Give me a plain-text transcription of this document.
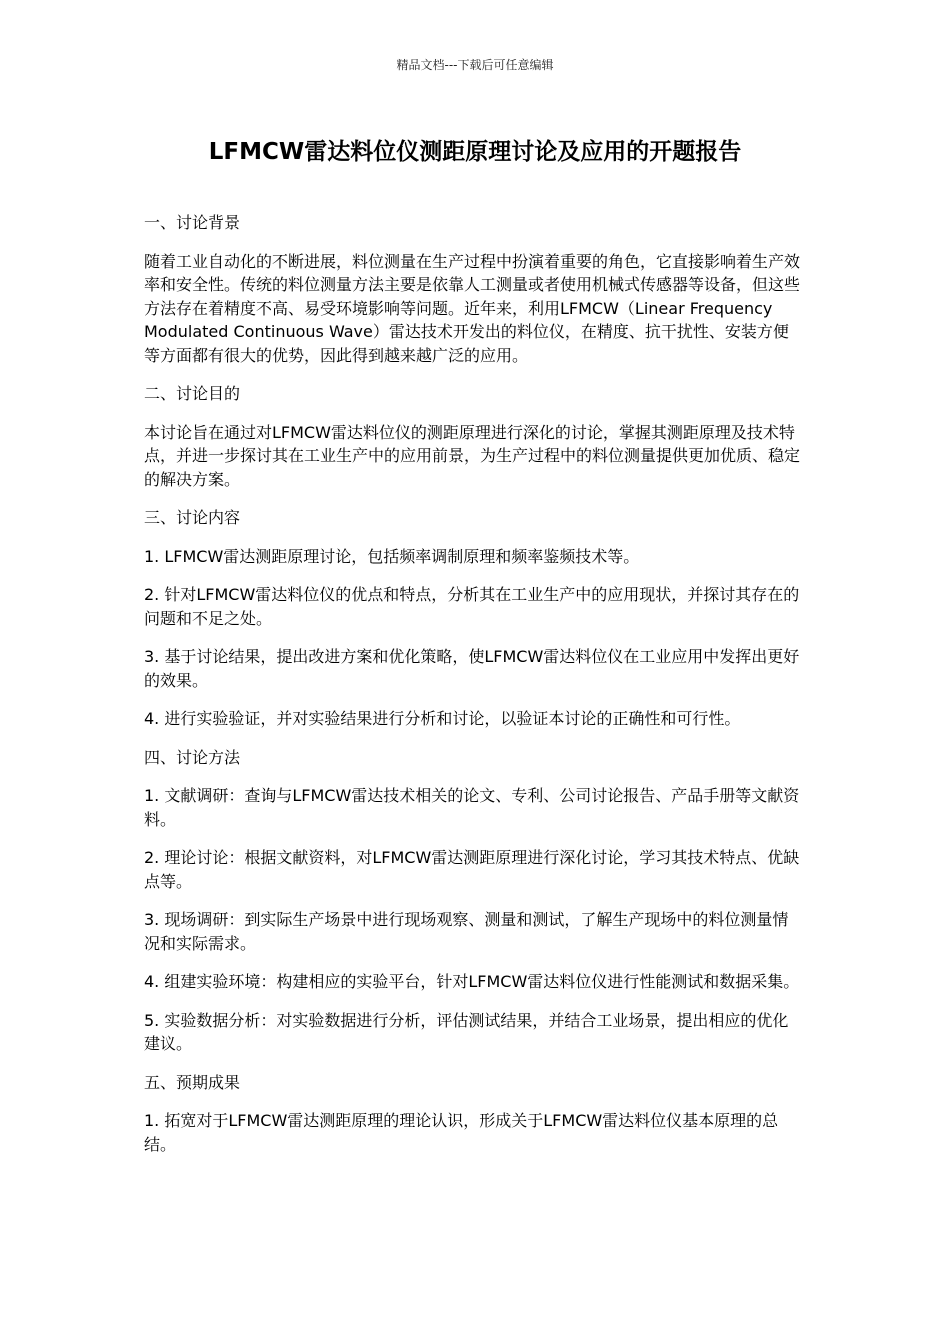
精品文档---下载后可任意编辑
LFMCW雷达料位仪测距原理讨论及应用的开题报告

一、讨论背景

随着工业自动化的不断进展，料位测量在生产过程中扮演着重要的角色，它直接影响着生产效率和安全性。传统的料位测量方法主要是依靠人工测量或者使用机械式传感器等设备，但这些方法存在着精度不高、易受环境影响等问题。近年来，利用LFMCW（Linear Frequency Modulated Continuous Wave）雷达技术开发出的料位仪，在精度、抗干扰性、安装方便等方面都有很大的优势，因此得到越来越广泛的应用。

二、讨论目的

本讨论旨在通过对LFMCW雷达料位仪的测距原理进行深化的讨论，掌握其测距原理及技术特点，并进一步探讨其在工业生产中的应用前景，为生产过程中的料位测量提供更加优质、稳定的解决方案。

三、讨论内容

1. LFMCW雷达测距原理讨论，包括频率调制原理和频率鉴频技术等。

2. 针对LFMCW雷达料位仪的优点和特点，分析其在工业生产中的应用现状，并探讨其存在的问题和不足之处。

3. 基于讨论结果，提出改进方案和优化策略，使LFMCW雷达料位仪在工业应用中发挥出更好的效果。

4. 进行实验验证，并对实验结果进行分析和讨论，以验证本讨论的正确性和可行性。

四、讨论方法

1. 文献调研：查询与LFMCW雷达技术相关的论文、专利、公司讨论报告、产品手册等文献资料。

2. 理论讨论：根据文献资料，对LFMCW雷达测距原理进行深化讨论，学习其技术特点、优缺点等。

3. 现场调研：到实际生产场景中进行现场观察、测量和测试，了解生产现场中的料位测量情况和实际需求。

4. 组建实验环境：构建相应的实验平台，针对LFMCW雷达料位仪进行性能测试和数据采集。

5. 实验数据分析：对实验数据进行分析，评估测试结果，并结合工业场景，提出相应的优化建议。

五、预期成果

1. 拓宽对于LFMCW雷达测距原理的理论认识，形成关于LFMCW雷达料位仪基本原理的总结。
